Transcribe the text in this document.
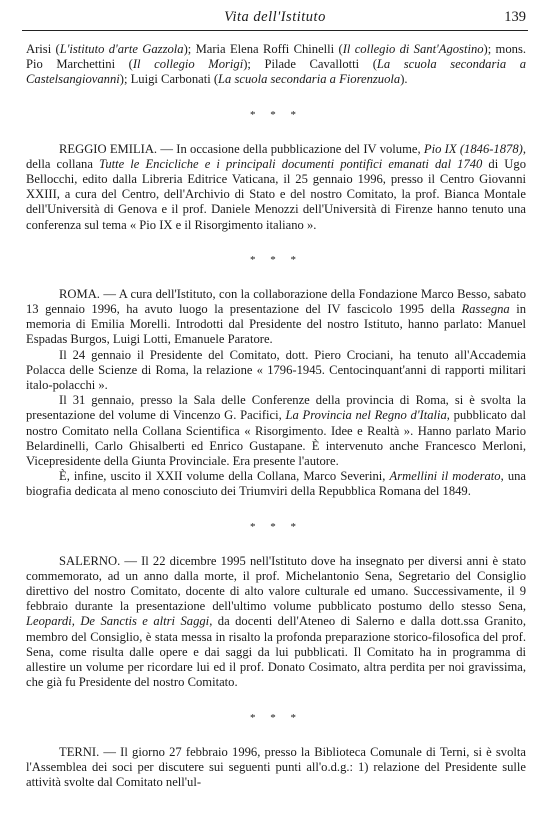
Vita dell'Istituto	139

Arisi (L'istituto d'arte Gazzola); Maria Elena Roffi Chinelli (Il collegio di Sant'Agostino); mons. Pio Marchettini (Il collegio Morigi); Pilade Cavallotti (La scuola secondaria a Castelsangiovanni); Luigi Carbonati (La scuola secondaria a Fiorenzuola).

* * *

REGGIO EMILIA. — In occasione della pubblicazione del IV volume, Pio IX (1846-1878), della collana Tutte le Encicliche e i principali documenti pontifici emanati dal 1740 di Ugo Bellocchi, edito dalla Libreria Editrice Vaticana, il 25 gennaio 1996, presso il Centro Giovanni XXIII, a cura del Centro, dell'Archivio di Stato e del nostro Comitato, la prof. Bianca Montale dell'Università di Genova e il prof. Daniele Menozzi dell'Università di Firenze hanno tenuto una conferenza sul tema « Pio IX e il Risorgimento italiano ».

* * *

ROMA. — A cura dell'Istituto, con la collaborazione della Fondazione Marco Besso, sabato 13 gennaio 1996, ha avuto luogo la presentazione del IV fascicolo 1995 della Rassegna in memoria di Emilia Morelli. Introdotti dal Presidente del nostro Istituto, hanno parlato: Manuel Espadas Burgos, Luigi Lotti, Emanuele Paratore.

Il 24 gennaio il Presidente del Comitato, dott. Piero Crociani, ha tenuto all'Accademia Polacca delle Scienze di Roma, la relazione « 1796-1945. Centocinquant'anni di rapporti militari italo-polacchi ».

Il 31 gennaio, presso la Sala delle Conferenze della provincia di Roma, si è svolta la presentazione del volume di Vincenzo G. Pacifici, La Provincia nel Regno d'Italia, pubblicato dal nostro Comitato nella Collana Scientifica « Risorgimento. Idee e Realtà ». Hanno parlato Mario Belardinelli, Carlo Ghisalberti ed Enrico Gustapane. È intervenuto anche Francesco Merloni, Vicepresidente della Giunta Provinciale. Era presente l'autore.

È, infine, uscito il XXII volume della Collana, Marco Severini, Armellini il moderato, una biografia dedicata al meno conosciuto dei Triumviri della Repubblica Romana del 1849.

* * *

SALERNO. — Il 22 dicembre 1995 nell'Istituto dove ha insegnato per diversi anni è stato commemorato, ad un anno dalla morte, il prof. Michelantonio Sena, Segretario del Consiglio direttivo del nostro Comitato, docente di alto valore culturale ed umano. Successivamente, il 9 febbraio durante la presentazione dell'ultimo volume pubblicato postumo dello stesso Sena, Leopardi, De Sanctis e altri Saggi, da docenti dell'Ateneo di Salerno e dalla dott.ssa Granito, membro del Consiglio, è stata messa in risalto la profonda preparazione storico-filosofica del prof. Sena, come risulta dalle opere e dai saggi da lui pubblicati. Il Comitato ha in programma di allestire un volume per ricordare lui ed il prof. Donato Cosimato, altra perdita per noi gravissima, che già fu Presidente del nostro Comitato.

* * *

TERNI. — Il giorno 27 febbraio 1996, presso la Biblioteca Comunale di Terni, si è svolta l'Assemblea dei soci per discutere sui seguenti punti all'o.d.g.: 1) relazione del Presidente sulle attività svolte dal Comitato nell'ul-
